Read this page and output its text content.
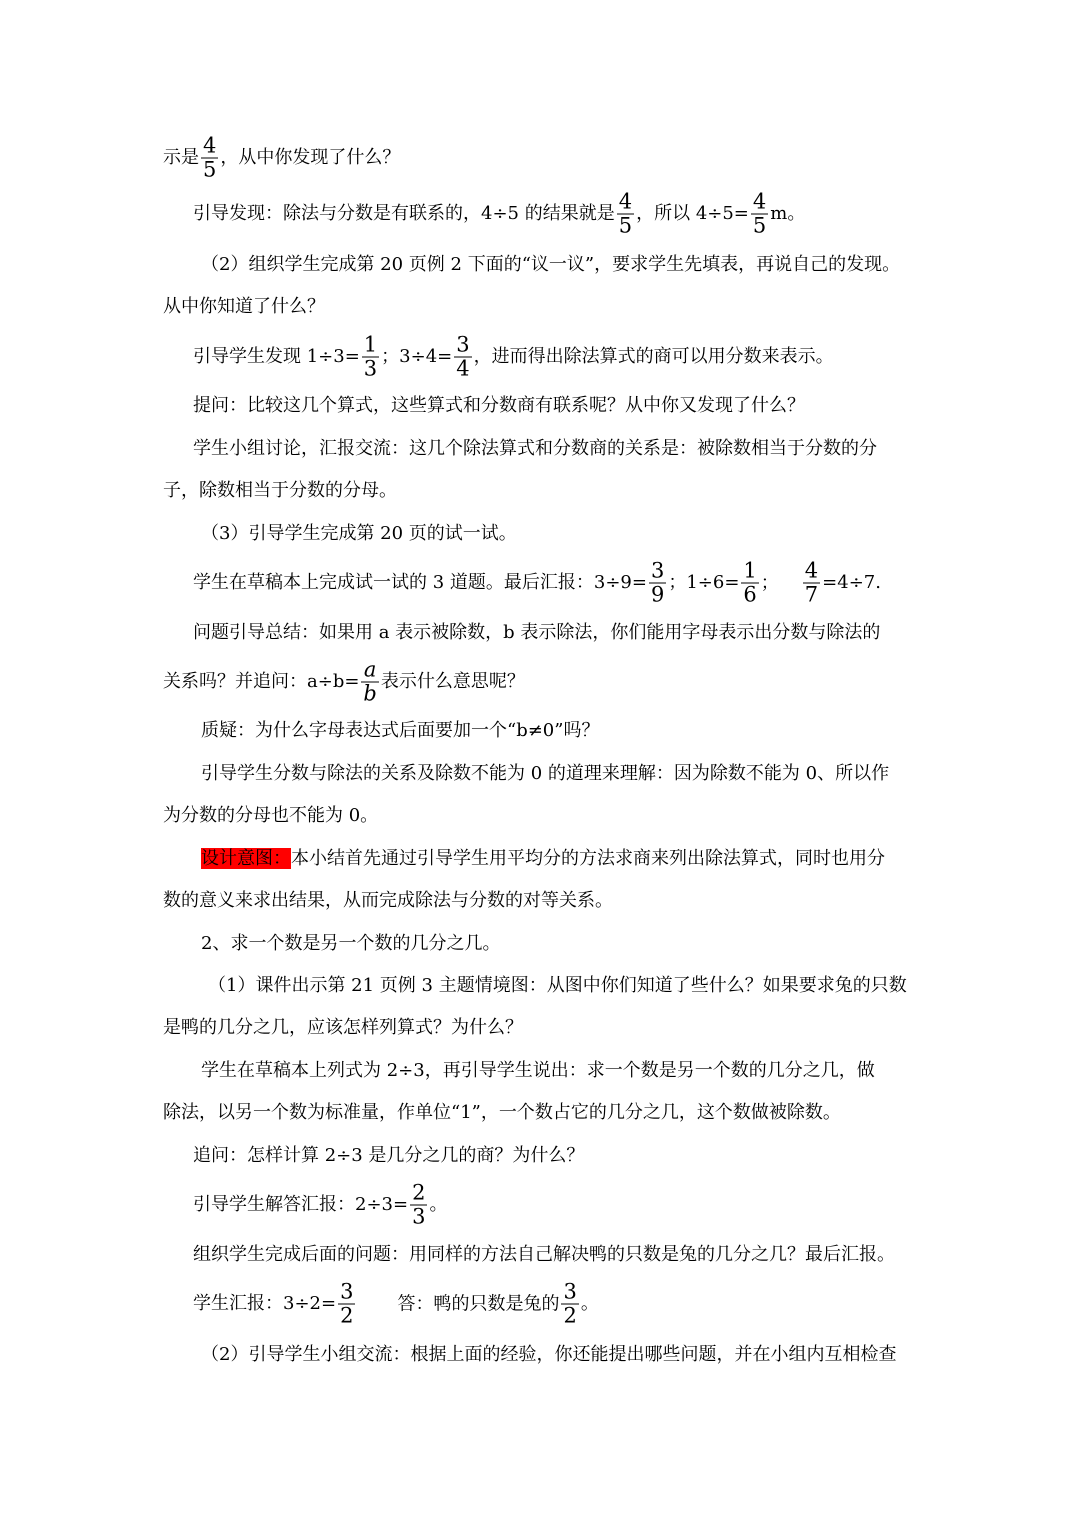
示是 $\frac{4}{5}$ ，从中你发现了什么？
引导发现：除法与分数是有联系的，4÷5 的结果就是 $\frac{4}{5}$ ，所以 $4\div 5= \frac{4}{5}$ m。
（2）组织学生完成第 20 页例 2 下面的“议一议”，要求学生先填表，再说自己的发现。
从中你知道了什么？
引导学生发现 $1\div 3= \frac{1}{3}$ ；$3\div 4= \frac{3}{4}$ ，进而得出除法算式的商可以用分数来表示。
提问：比较这几个算式，这些算式和分数商有联系呢？从中你又发现了什么？
学生小组讨论，汇报交流：这几个除法算式和分数商的关系是：被除数相当于分数的分
子，除数相当于分数的分母。
（3）引导学生完成第 20 页的试一试。
学生在草稿本上完成试一试的 3 道题。最后汇报：$3\div 9= \frac{3}{9}$ ；$1\div 6= \frac{1}{6}$ ； $\frac{4}{7} =4\div 7$.
问题引导总结：如果用 a 表示被除数，b 表示除法，你们能用字母表示出分数与除法的
关系吗？并追问：$a\div b= \frac{a}{b}$ 表示什么意思呢？
质疑：为什么字母表达式后面要加一个“b≠0”吗？
引导学生分数与除法的关系及除数不能为 0 的道理来理解：因为除数不能为 0、所以作
为分数的分母也不能为 0。
设计意图：本小结首先通过引导学生用平均分的方法求商来列出除法算式，同时也用分
数的意义来求出结果，从而完成除法与分数的对等关系。
2、求一个数是另一个数的几分之几。
（1）课件出示第 21 页例 3 主题情境图：从图中你们知道了些什么？如果要求兔的只数
是鸭的几分之几，应该怎样列算式？为什么？
学生在草稿本上列式为 2÷3，再引导学生说出：求一个数是另一个数的几分之几，做
除法，以另一个数为标准量，作单位“1”，一个数占它的几分之几，这个数做被除数。
追问：怎样计算 2÷3 是几分之几的商？为什么？
引导学生解答汇报：$2\div 3= \frac{2}{3}$ 。
组织学生完成后面的问题：用同样的方法自己解决鸭的只数是兔的几分之几？最后汇报。
学生汇报：$3\div 2= \frac{3}{2}$ 答：鸭的只数是兔的 $\frac{3}{2}$ 。
（2）引导学生小组交流：根据上面的经验，你还能提出哪些问题，并在小组内互相检查
